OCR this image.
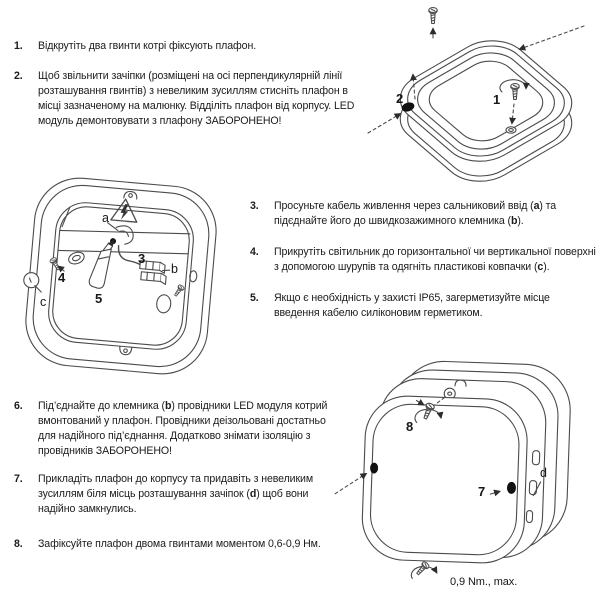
1.	Відкрутіть два гвинти котрі фіксують плафон.
2.	Щоб звільнити зачіпки (розміщені на осі перпендикулярній лінії розташування гвинтів) з невеликим зусиллям стисніть плафон в місці зазначеному на малюнку. Відділіть плафон від корпусу. LED модуль демонтовувати з плафону ЗАБОРОНЕНО!
3.	Просуньте кабель живлення через сальниковий ввід (a) та підєднайте його до швидкозажимного клемника (b).
4.	Прикрутіть світильник до горизонтальної чи вертикальної поверхні з допомогою шурупів та одягніть пластикові ковпачки (c).
5.	Якщо є необхідність у захисті IP65, загерметизуйте місце введення кабелю силіконовим герметиком.
6.	Під’єднайте до клемника (b) провідники LED модуля котрий вмонтований у плафон. Провідники деізольовані достатньо для надійного під’єднання. Додатково знімати ізоляцію з провідників ЗАБОРОНЕНО!
7.	Прикладіть плафон до корпусу та придавіть з невеликим зусиллям біля місць розташування зачіпок (d) щоб вони надійно замкнулись.
8.	Зафіксуйте плафон двома гвинтами моментом 0,6-0,9 Нм.
2	1
a
3
b
4
c	5
8
7
d
0,9 Nm., max.
